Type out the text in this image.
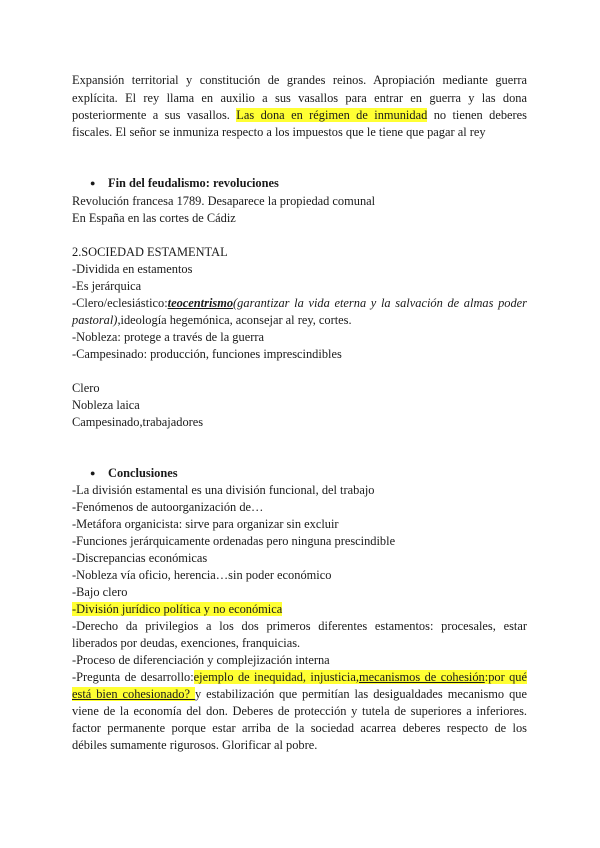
Expansión territorial y constitución de grandes reinos. Apropiación mediante guerra
explícita. El rey llama en auxilio a sus vasallos para entrar en guerra y las dona
posteriormente a sus vasallos. Las dona en régimen de inmunidad no tienen deberes
fiscales. El señor se inmuniza respecto a los impuestos que le tiene que pagar al rey
● Fin del feudalismo: revoluciones
Revolución francesa 1789. Desaparece la propiedad comunal
En España en las cortes de Cádiz
2.SOCIEDAD ESTAMENTAL
-Dividida en estamentos
-Es jerárquica
-Clero/eclesiástico:teocentrismo(garantizar la vida eterna y la salvación de almas poder
pastoral),ideología hegemónica, aconsejar al rey, cortes.
-Nobleza: protege a través de la guerra
-Campesinado: producción, funciones imprescindibles
Clero
Nobleza laica
Campesinado,trabajadores
● Conclusiones
-La división estamental es una división funcional, del trabajo
-Fenómenos de autoorganización de…
-Metáfora organicista: sirve para organizar sin excluir
-Funciones jerárquicamente ordenadas pero ninguna prescindible
-Discrepancias económicas
-Nobleza vía oficio, herencia…sin poder económico
-Bajo clero
-División jurídico política y no económica
-Derecho da privilegios a los dos primeros diferentes estamentos: procesales, estar
liberados por deudas, exenciones, franquicias.
-Proceso de diferenciación y complejización interna
-Pregunta de desarrollo:ejemplo de inequidad, injusticia,mecanismos de cohesión:por qué
está bien cohesionado? y estabilización que permitían las desigualdades mecanismo que
viene de la economía del don. Deberes de protección y tutela de superiores a inferiores.
factor permanente porque estar arriba de la sociedad acarrea deberes respecto de los
débiles sumamente rigurosos. Glorificar al pobre.
